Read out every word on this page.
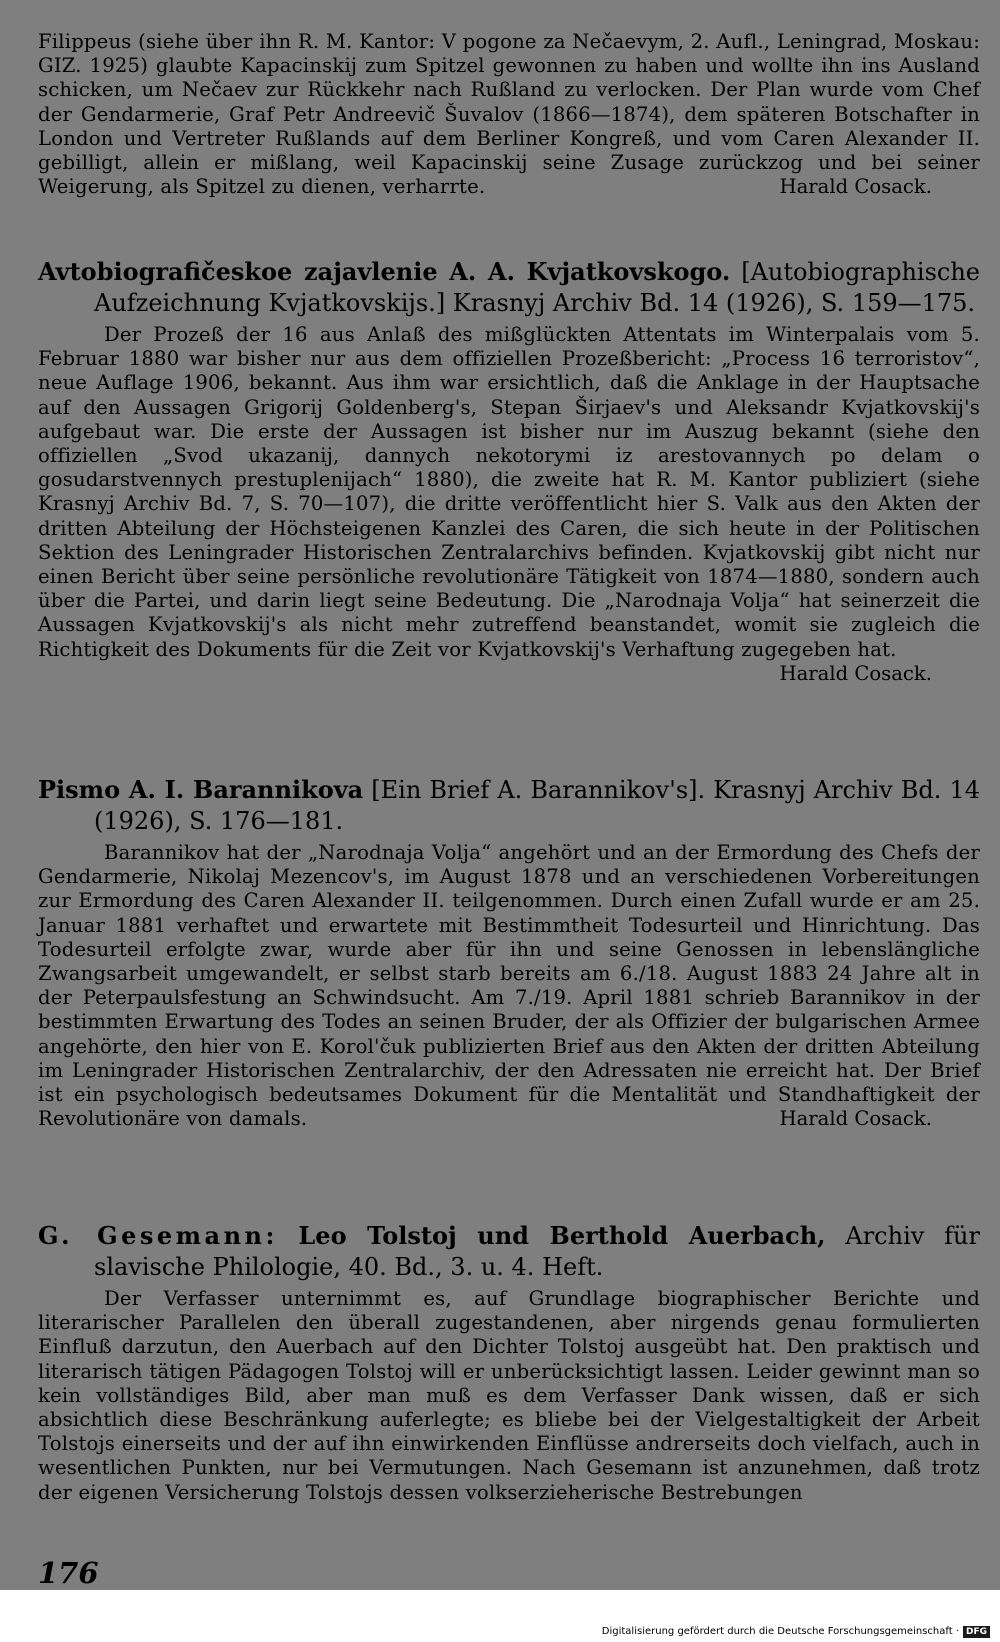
Filippeus (siehe über ihn R. M. Kantor: V pogone za Nečaevym, 2. Aufl., Leningrad, Moskau: GIZ. 1925) glaubte Kapacinskij zum Spitzel gewonnen zu haben und wollte ihn ins Ausland schicken, um Nečaev zur Rückkehr nach Rußland zu verlocken. Der Plan wurde vom Chef der Gendarmerie, Graf Petr Andreevič Šuvalov (1866—1874), dem späteren Botschafter in London und Vertreter Rußlands auf dem Berliner Kongreß, und vom Caren Alexander II. gebilligt, allein er mißlang, weil Kapacinskij seine Zusage zurückzog und bei seiner Weigerung, als Spitzel zu dienen, verharrte.	Harald Cosack.

Avtobiografičeskoe zajavlenie A. A. Kvjatkovskogo. [Autobiographische Aufzeichnung Kvjatkovskijs.] Krasnyj Archiv Bd. 14 (1926), S. 159—175.

Der Prozeß der 16 aus Anlaß des mißglückten Attentats im Winterpalais vom 5. Februar 1880 war bisher nur aus dem offiziellen Prozeßbericht: „Process 16 terroristov“, neue Auflage 1906, bekannt. Aus ihm war ersichtlich, daß die Anklage in der Hauptsache auf den Aussagen Grigorij Goldenberg's, Stepan Širjaev's und Aleksandr Kvjatkovskij's aufgebaut war. Die erste der Aussagen ist bisher nur im Auszug bekannt (siehe den offiziellen „Svod ukazanij, dannych nekotorymi iz arestovannych po delam o gosudarstvennych prestuplenijach“ 1880), die zweite hat R. M. Kantor publiziert (siehe Krasnyj Archiv Bd. 7, S. 70—107), die dritte veröffentlicht hier S. Valk aus den Akten der dritten Abteilung der Höchsteigenen Kanzlei des Caren, die sich heute in der Politischen Sektion des Leningrader Historischen Zentralarchivs befinden. Kvjatkovskij gibt nicht nur einen Bericht über seine persönliche revolutionäre Tätigkeit von 1874—1880, sondern auch über die Partei, und darin liegt seine Bedeutung. Die „Narodnaja Volja“ hat seinerzeit die Aussagen Kvjatkovskij's als nicht mehr zutreffend beanstandet, womit sie zugleich die Richtigkeit des Dokuments für die Zeit vor Kvjatkovskij's Verhaftung zugegeben hat.

Harald Cosack.

Pismo A. I. Barannikova [Ein Brief A. Barannikov's]. Krasnyj Archiv Bd. 14 (1926), S. 176—181.

Barannikov hat der „Narodnaja Volja“ angehört und an der Ermordung des Chefs der Gendarmerie, Nikolaj Mezencov's, im August 1878 und an verschiedenen Vorbereitungen zur Ermordung des Caren Alexander II. teilgenommen. Durch einen Zufall wurde er am 25. Januar 1881 verhaftet und erwartete mit Bestimmtheit Todesurteil und Hinrichtung. Das Todesurteil erfolgte zwar, wurde aber für ihn und seine Genossen in lebenslängliche Zwangsarbeit umgewandelt, er selbst starb bereits am 6./18. August 1883 24 Jahre alt in der Peterpaulsfestung an Schwindsucht. Am 7./19. April 1881 schrieb Barannikov in der bestimmten Erwartung des Todes an seinen Bruder, der als Offizier der bulgarischen Armee angehörte, den hier von E. Korol'čuk publizierten Brief aus den Akten der dritten Abteilung im Leningrader Historischen Zentralarchiv, der den Adressaten nie erreicht hat. Der Brief ist ein psychologisch bedeutsames Dokument für die Mentalität und Standhaftigkeit der Revolutionäre von damals.	Harald Cosack.

G. Gesemann: Leo Tolstoj und Berthold Auerbach, Archiv für slavische Philologie, 40. Bd., 3. u. 4. Heft.

Der Verfasser unternimmt es, auf Grundlage biographischer Berichte und literarischer Parallelen den überall zugestandenen, aber nirgends genau formulierten Einfluß darzutun, den Auerbach auf den Dichter Tolstoj ausgeübt hat. Den praktisch und literarisch tätigen Pädagogen Tolstoj will er unberücksichtigt lassen. Leider gewinnt man so kein vollständiges Bild, aber man muß es dem Verfasser Dank wissen, daß er sich absichtlich diese Beschränkung auferlegte; es bliebe bei der Vielgestaltigkeit der Arbeit Tolstojs einerseits und der auf ihn einwirkenden Einflüsse andrerseits doch vielfach, auch in wesentlichen Punkten, nur bei Vermutungen. Nach Gesemann ist anzunehmen, daß trotz der eigenen Versicherung Tolstojs dessen volkserzieherische Bestrebungen

176
Digitalisierung gefördert durch die Deutsche Forschungsgemeinschaft · DFG
